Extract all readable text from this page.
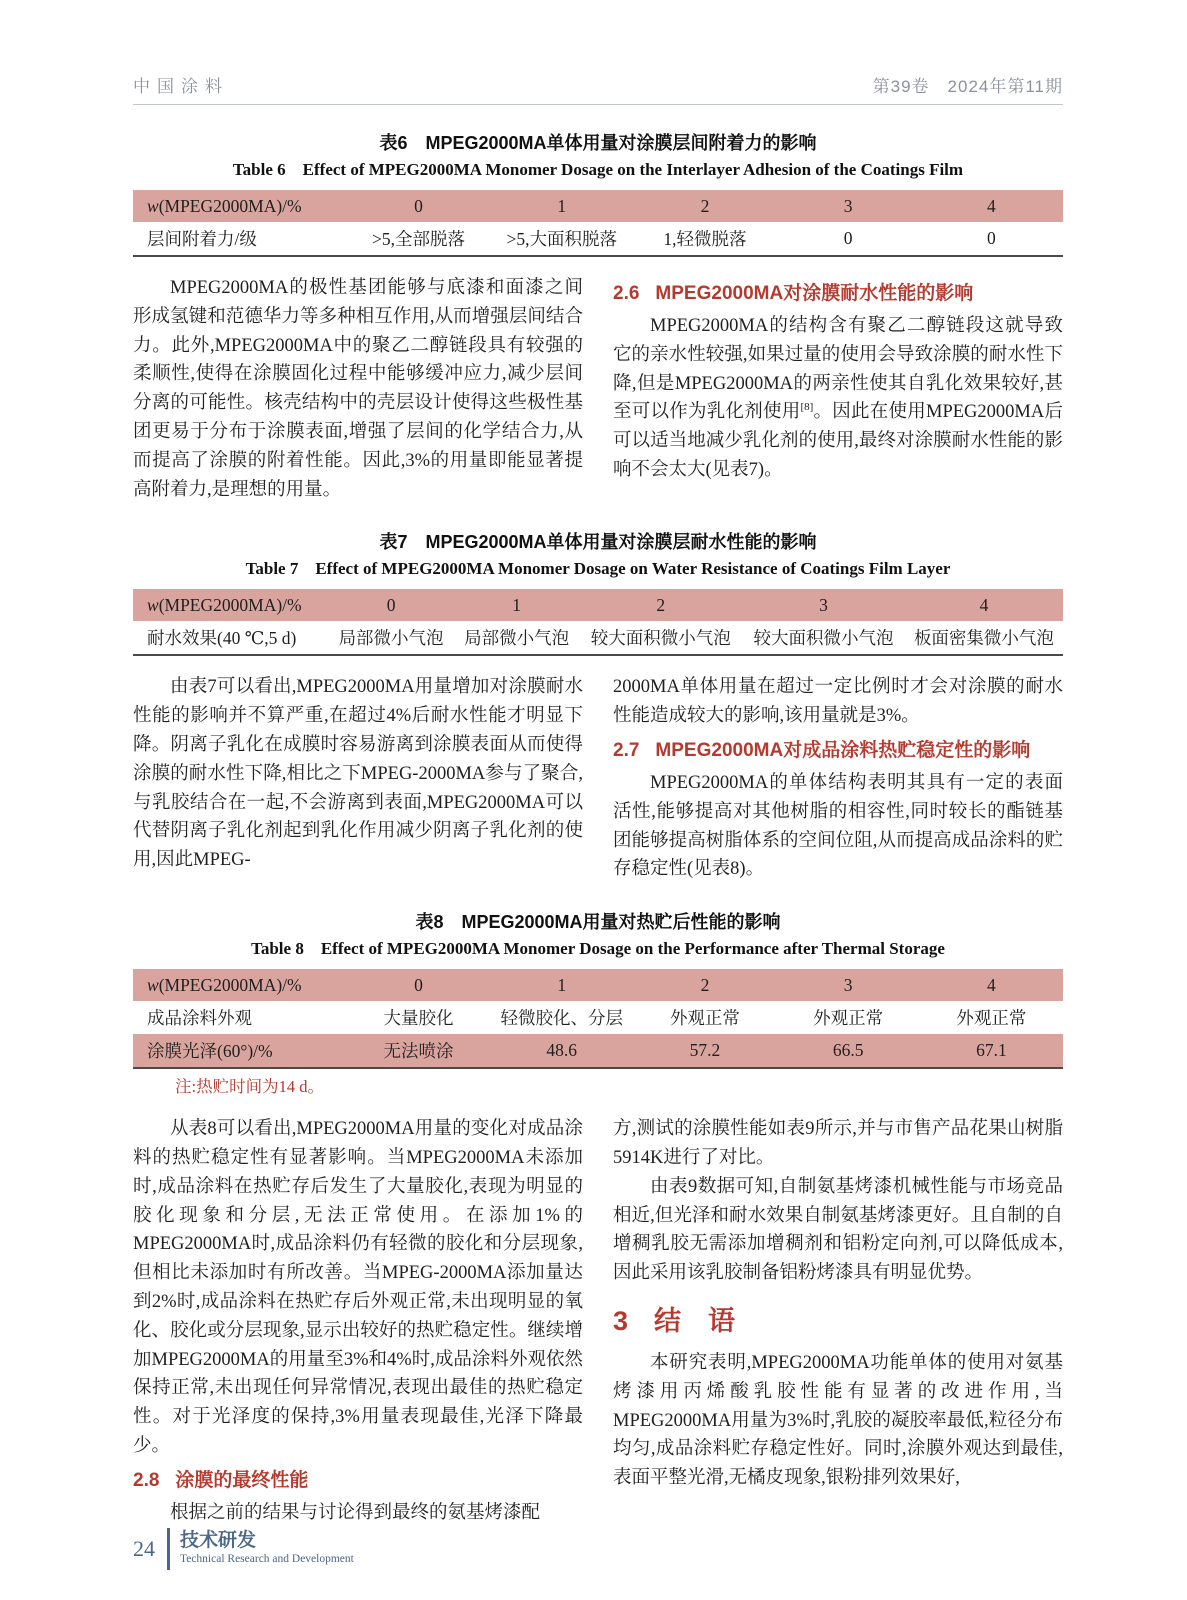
中国涂料	第39卷　2024年第11期
表6　MPEG2000MA单体用量对涂膜层间附着力的影响
Table 6　Effect of MPEG2000MA Monomer Dosage on the Interlayer Adhesion of the Coatings Film
w(MPEG2000MA)/%	0	1	2	3	4
层间附着力/级	>5,全部脱落	>5,大面积脱落	1,轻微脱落	0	0

MPEG2000MA的极性基团能够与底漆和面漆之间形成氢键和范德华力等多种相互作用,从而增强层间结合力。此外,MPEG2000MA中的聚乙二醇链段具有较强的柔顺性,使得在涂膜固化过程中能够缓冲应力,减少层间分离的可能性。核壳结构中的壳层设计使得这些极性基团更易于分布于涂膜表面,增强了层间的化学结合力,从而提高了涂膜的附着性能。因此,3%的用量即能显著提高附着力,是理想的用量。

2.6 MPEG2000MA对涂膜耐水性能的影响

MPEG2000MA的结构含有聚乙二醇链段这就导致它的亲水性较强,如果过量的使用会导致涂膜的耐水性下降,但是MPEG2000MA的两亲性使其自乳化效果较好,甚至可以作为乳化剂使用[8]。因此在使用MPEG2000MA后可以适当地减少乳化剂的使用,最终对涂膜耐水性能的影响不会太大(见表7)。

表7　MPEG2000MA单体用量对涂膜层耐水性能的影响
Table 7　Effect of MPEG2000MA Monomer Dosage on Water Resistance of Coatings Film Layer
w(MPEG2000MA)/%	0	1	2	3	4
耐水效果(40 ℃,5 d)	局部微小气泡	局部微小气泡	较大面积微小气泡	较大面积微小气泡	板面密集微小气泡

由表7可以看出,MPEG2000MA用量增加对涂膜耐水性能的影响并不算严重,在超过4%后耐水性能才明显下降。阴离子乳化在成膜时容易游离到涂膜表面从而使得涂膜的耐水性下降,相比之下MPEG-2000MA参与了聚合,与乳胶结合在一起,不会游离到表面,MPEG2000MA可以代替阴离子乳化剂起到乳化作用减少阴离子乳化剂的使用,因此MPEG-

2000MA单体用量在超过一定比例时才会对涂膜的耐水性能造成较大的影响,该用量就是3%。

2.7 MPEG2000MA对成品涂料热贮稳定性的影响

MPEG2000MA的单体结构表明其具有一定的表面活性,能够提高对其他树脂的相容性,同时较长的酯链基团能够提高树脂体系的空间位阻,从而提高成品涂料的贮存稳定性(见表8)。

表8　MPEG2000MA用量对热贮后性能的影响
Table 8　Effect of MPEG2000MA Monomer Dosage on the Performance after Thermal Storage
w(MPEG2000MA)/%	0	1	2	3	4
成品涂料外观	大量胶化	轻微胶化、分层	外观正常	外观正常	外观正常
涂膜光泽(60°)/%	无法喷涂	48.6	57.2	66.5	67.1
注:热贮时间为14 d。

从表8可以看出,MPEG2000MA用量的变化对成品涂料的热贮稳定性有显著影响。当MPEG2000MA未添加时,成品涂料在热贮存后发生了大量胶化,表现为明显的胶化现象和分层,无法正常使用。在添加1%的MPEG2000MA时,成品涂料仍有轻微的胶化和分层现象,但相比未添加时有所改善。当MPEG-2000MA添加量达到2%时,成品涂料在热贮存后外观正常,未出现明显的氧化、胶化或分层现象,显示出较好的热贮稳定性。继续增加MPEG2000MA的用量至3%和4%时,成品涂料外观依然保持正常,未出现任何异常情况,表现出最佳的热贮稳定性。对于光泽度的保持,3%用量表现最佳,光泽下降最少。

2.8 涂膜的最终性能

根据之前的结果与讨论得到最终的氨基烤漆配

方,测试的涂膜性能如表9所示,并与市售产品花果山树脂5914K进行了对比。

由表9数据可知,自制氨基烤漆机械性能与市场竞品相近,但光泽和耐水效果自制氨基烤漆更好。且自制的自增稠乳胶无需添加增稠剂和铝粉定向剂,可以降低成本,因此采用该乳胶制备铝粉烤漆具有明显优势。

3 结　语

本研究表明,MPEG2000MA功能单体的使用对氨基烤漆用丙烯酸乳胶性能有显著的改进作用,当MPEG2000MA用量为3%时,乳胶的凝胶率最低,粒径分布均匀,成品涂料贮存稳定性好。同时,涂膜外观达到最佳,表面平整光滑,无橘皮现象,银粉排列效果好,

24 技术研发
Technical Research and Development
